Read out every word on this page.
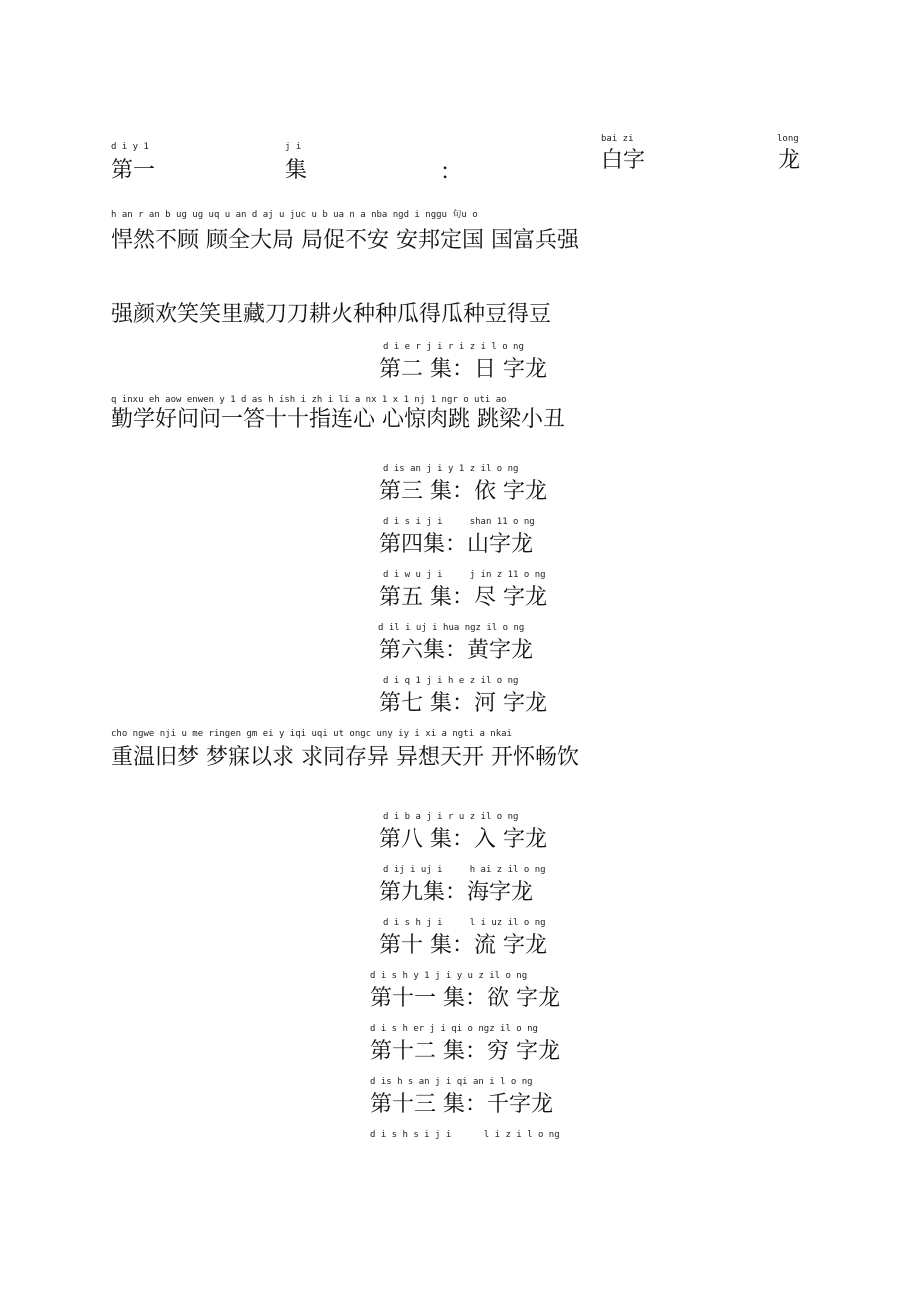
d i y 1	j i
第一	集	：
bai zi	long
白字	龙
h an r an b ug ug uq u an d aj u juc u b ua n a nba ngd i nggu 旬u o
悍然不顾 顾全大局 局促不安 安邦定国 国富兵强
强颜欢笑笑里藏刀刀耕火种种瓜得瓜种豆得豆
d i e r j i r i z i l o ng
第二 集：日 字龙
q inxu eh aow enwen y 1 d as h ish i zh i li a nx 1 x 1 nj 1 ngr o uti ao
勤学好问问一答十十指连心 心惊肉跳 跳梁小丑
d is an j i y 1 z il o ng
第三 集：依 字龙
d i s i j i     shan 11 o ng
第四集：山字龙
d i w u j i     j in z 11 o ng
第五 集：尽 字龙
d il i uj i hua ngz il o ng
第六集：黄字龙
d i q 1 j i h e z il o ng
第七 集：河 字龙
cho ngwe nji u me ringen gm ei y iqi uqi ut ongc uny iy i xi a ngti a nkai
重温旧梦 梦寐以求 求同存异 异想天开 开怀畅饮
d i b a j i r u z il o ng
第八 集：入 字龙
d ij i uj i     h ai z il o ng
第九集：海字龙
d i s h j i     l i uz il o ng
第十 集：流 字龙
d i s h y 1 j i y u z il o ng
第十一 集：欲 字龙
d i s h er j i qi o ngz il o ng
第十二 集：穷 字龙
d is h s an j i qi an i l o ng
第十三 集：千字龙
d i s h s i j i      l i z i l o ng
